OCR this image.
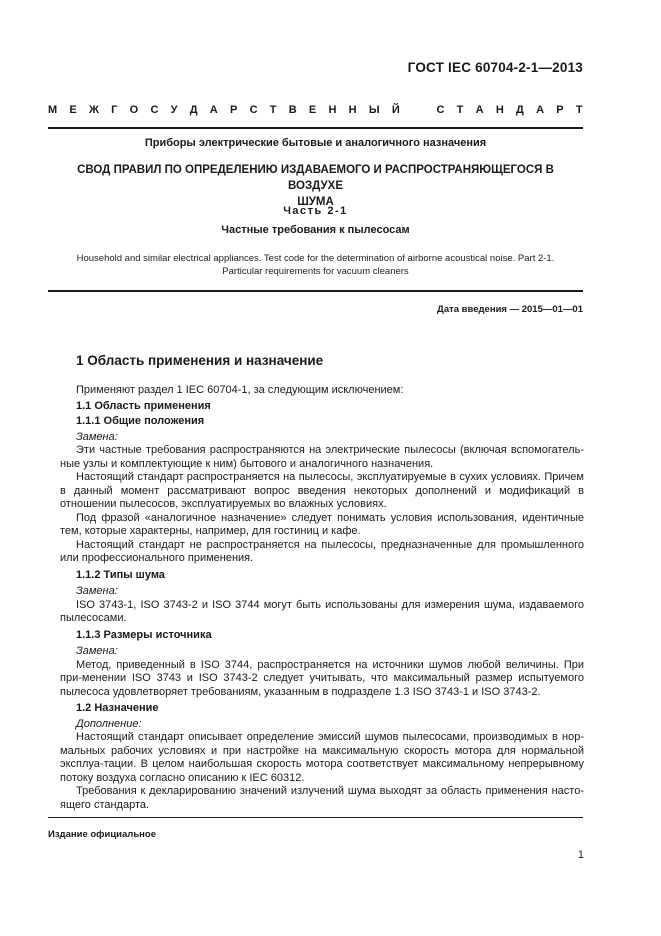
ГОСТ IEC 60704-2-1—2013
М Е Ж Г О С У Д А Р С Т В Е Н Н Ы Й	С Т А Н Д А Р Т
Приборы электрические бытовые и аналогичного назначения
СВОД ПРАВИЛ ПО ОПРЕДЕЛЕНИЮ ИЗДАВАЕМОГО И РАСПРОСТРАНЯЮЩЕГОСЯ В ВОЗДУХЕ
ШУМА
Часть 2-1
Частные требования к пылесосам
Household and similar electrical appliances. Test code for the determination of airborne acoustical noise. Part 2-1.
Particular requirements for vacuum cleaners
Дата введения — 2015—01—01
1 Область применения и назначение

Применяют раздел 1 IEC 60704-1, за следующим исключением:

1.1 Область применения

1.1.1 Общие положения

Замена:

Эти частные требования распространяются на электрические пылесосы (включая вспомогатель-ные узлы и комплектующие к ним) бытового и аналогичного назначения.

Настоящий стандарт распространяется на пылесосы, эксплуатируемые в сухих условиях. Причем в данный момент рассматривают вопрос введения некоторых дополнений и модификаций в отношении пылесосов, эксплуатируемых во влажных условиях.

Под фразой «аналогичное назначение» следует понимать условия использования, идентичные тем, которые характерны, например, для гостиниц и кафе.

Настоящий стандарт не распространяется на пылесосы, предназначенные для промышленного или профессионального применения.

1.1.2 Типы шума

Замена:

ISO 3743-1, ISO 3743-2 и ISO 3744 могут быть использованы для измерения шума, издаваемого пылесосами.

1.1.3 Размеры источника

Замена:

Метод, приведенный в ISO 3744, распространяется на источники шумов любой величины. При при-менении ISO 3743 и ISO 3743-2 следует учитывать, что максимальный размер испытуемого пылесоса удовлетворяет требованиям, указанным в подразделе 1.3 ISO 3743-1 и ISO 3743-2.

1.2 Назначение

Дополнение:

Настоящий стандарт описывает определение эмиссий шумов пылесосами, производимых в нор-мальных рабочих условиях и при настройке на максимальную скорость мотора для нормальной эксплуа-тации. В целом наибольшая скорость мотора соответствует максимальному непрерывному потоку воздуха согласно описанию к IEC 60312.

Требования к декларированию значений излучений шума выходят за область применения насто-ящего стандарта.

Издание официальное
1
